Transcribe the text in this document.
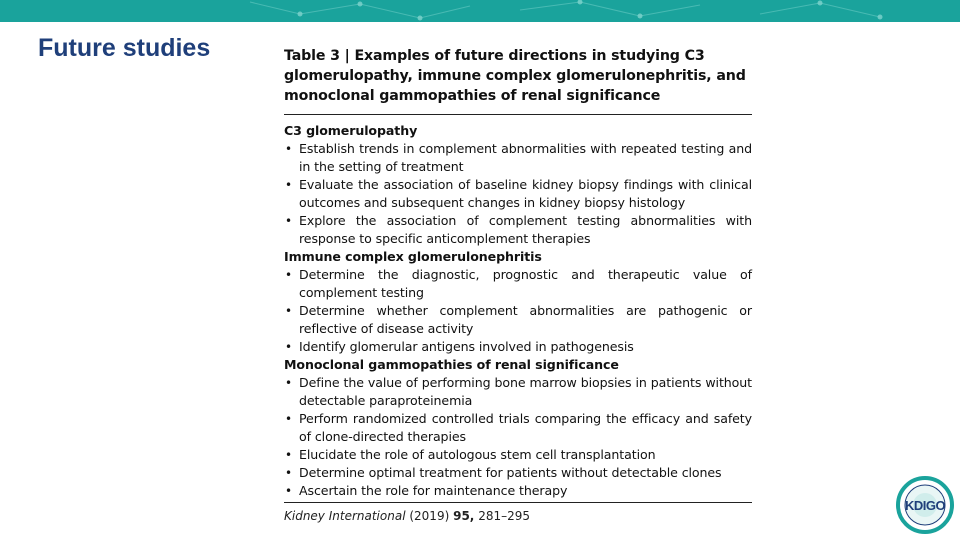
Future studies	Table 3 | Examples of future directions in studying C3 glomerulopathy, immune complex glomerulonephritis, and monoclonal gammopathies of renal significance

C3 glomerulopathy
• Establish trends in complement abnormalities with repeated testing and in the setting of treatment
• Evaluate the association of baseline kidney biopsy findings with clinical outcomes and subsequent changes in kidney biopsy histology
• Explore the association of complement testing abnormalities with response to specific anticomplement therapies
Immune complex glomerulonephritis
• Determine the diagnostic, prognostic and therapeutic value of complement testing
• Determine whether complement abnormalities are pathogenic or reflective of disease activity
• Identify glomerular antigens involved in pathogenesis
Monoclonal gammopathies of renal significance
• Define the value of performing bone marrow biopsies in patients without detectable paraproteinemia
• Perform randomized controlled trials comparing the efficacy and safety of clone-directed therapies
• Elucidate the role of autologous stem cell transplantation
• Determine optimal treatment for patients without detectable clones
• Ascertain the role for maintenance therapy
Kidney International (2019) 95, 281–295
KDIGO
